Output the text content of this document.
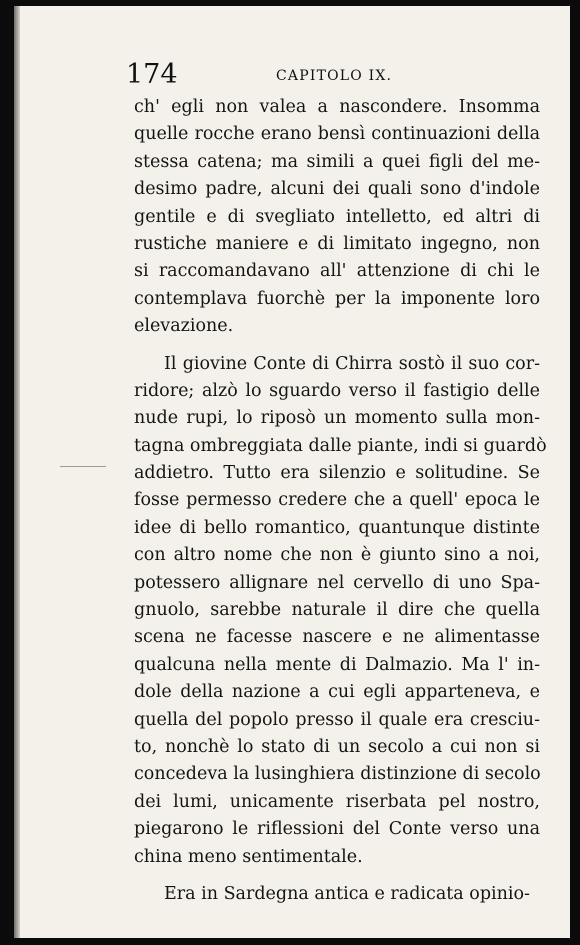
174	CAPITOLO IX.
ch' egli non valea a nascondere. Insomma
quelle rocche erano bensì continuazioni della
stessa catena; ma simili a quei figli del me-
desimo padre, alcuni dei quali sono d'indole
gentile e di svegliato intelletto, ed altri di
rustiche maniere e di limitato ingegno, non
si raccomandavano all' attenzione di chi le
contemplava fuorchè per la imponente loro
elevazione.
Il giovine Conte di Chirra sostò il suo cor-
ridore; alzò lo sguardo verso il fastigio delle
nude rupi, lo riposò un momento sulla mon-
tagna ombreggiata dalle piante, indi si guardò
addietro. Tutto era silenzio e solitudine. Se
fosse permesso credere che a quell' epoca le
idee di bello romantico, quantunque distinte
con altro nome che non è giunto sino a noi,
potessero allignare nel cervello di uno Spa-
gnuolo, sarebbe naturale il dire che quella
scena ne facesse nascere e ne alimentasse
qualcuna nella mente di Dalmazio. Ma l' in-
dole della nazione a cui egli apparteneva, e
quella del popolo presso il quale era cresciu-
to, nonchè lo stato di un secolo a cui non si
concedeva la lusinghiera distinzione di secolo
dei lumi, unicamente riserbata pel nostro,
piegarono le riflessioni del Conte verso una
china meno sentimentale.
Era in Sardegna antica e radicata opinio-
